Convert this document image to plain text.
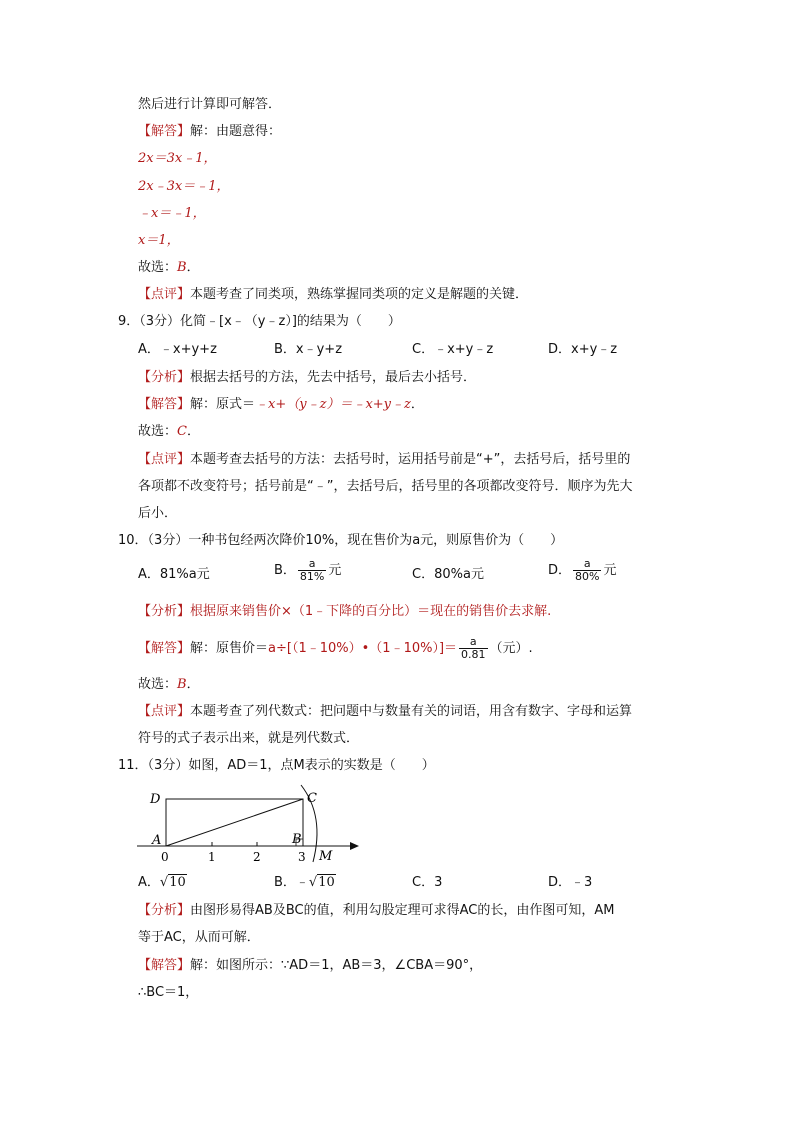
然后进行计算即可解答．
【解答】解：由题意得：
2x＝3x﹣1，
2x﹣3x＝﹣1，
﹣x＝﹣1，
x＝1，
故选：B．
【点评】本题考查了同类项，熟练掌握同类项的定义是解题的关键．
9．（3分）化简﹣[x﹣（y﹣z）]的结果为（　　）
A．﹣x+y+z	B．x﹣y+z	C．﹣x+y﹣z	D．x+y﹣z
【分析】根据去括号的方法，先去中括号，最后去小括号．
【解答】解：原式＝﹣x+（y﹣z）＝﹣x+y﹣z．
故选：C．
【点评】本题考查去括号的方法：去括号时，运用括号前是“+”，去括号后，括号里的
各项都不改变符号；括号前是“﹣”，去括号后，括号里的各项都改变符号．顺序为先大
后小．
10．（3分）一种书包经两次降价10%，现在售价为a元，则原售价为（　　）
A．81%a元	B． $\frac{a}{81\%}$ 元	C．80%a元	D． $\frac{a}{80\%}$ 元
【分析】根据原来销售价×（1﹣下降的百分比）＝现在的销售价去求解.
【解答】解：原售价＝a÷[（1﹣10%）•（1﹣10%）]＝ $\frac{a}{0.81}$ （元）.
故选：B．
【点评】本题考查了列代数式：把问题中与数量有关的词语，用含有数字、字母和运算
符号的式子表示出来，就是列代数式．
11．（3分）如图，AD＝1，点M表示的实数是（　　）
D	C
A	B
M
0	1	2	3
A．√10	B．﹣√10	C．3	D．﹣3
【分析】由图形易得AB及BC的值，利用勾股定理可求得AC的长，由作图可知，AM
等于AC，从而可解．
【解答】解：如图所示：∵AD＝1，AB＝3，∠CBA＝90°，
∴BC＝1，
